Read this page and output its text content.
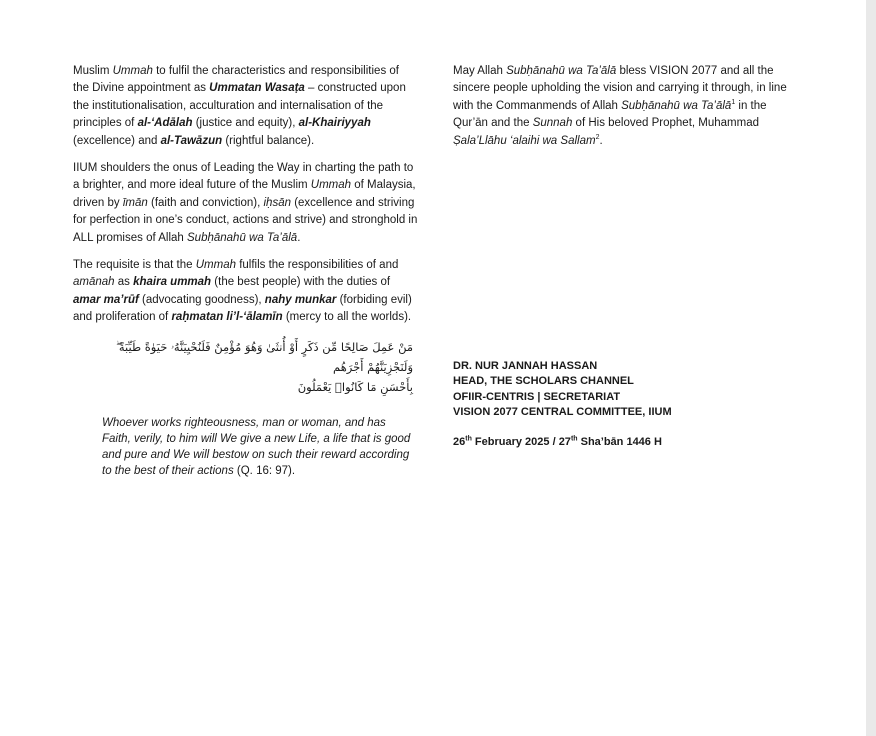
Muslim Ummah to fulfil the characteristics and responsibilities of the Divine appointment as Ummatan Wasaṭa – constructed upon the institutionalisation, acculturation and internalisation of the principles of al-‘Adālah (justice and equity), al-Khairiyyah (excellence) and al-Tawāzun (rightful balance).

IIUM shoulders the onus of Leading the Way in charting the path to a brighter, and more ideal future of the Muslim Ummah of Malaysia, driven by īmān (faith and conviction), iḥsān (excellence and striving for perfection in one’s conduct, actions and strive) and stronghold in ALL promises of Allah Subḥānahū wa Ta’ālā.

The requisite is that the Ummah fulfils the responsibilities of and amānah as khaira ummah (the best people) with the duties of amar ma’rūf (advocating goodness), nahy munkar (forbiding evil) and proliferation of raḥmatan li’l-‘ālamīn (mercy to all the worlds).

مَنْ عَمِلَ صَالِحًا مِّن ذَكَرٍ أَوْ أُنثَىٰ وَهُوَ مُؤْمِنٌ فَلَنُحْيِيَنَّهُۥ حَيَوٰةً طَيِّبَةً ۖ وَلَنَجْزِيَنَّهُمْ أَجْرَهُم
بِأَحْسَنِ مَا كَانُوا۟ يَعْمَلُونَ
Whoever works righteousness, man or woman, and has Faith, verily, to him will We give a new Life, a life that is good and pure and We will bestow on such their reward according to the best of their actions (Q. 16: 97).

May Allah Subḥānahū wa Ta’ālā bless VISION 2077 and all the sincere people upholding the vision and carrying it through, in line with the Commanmends of Allah Subḥānahū wa Ta’ālā$^1$ in the Qur’ān and the Sunnah of His beloved Prophet, Muhammad Ṣala’Llāhu ‘alaihi wa Sallam$^2$.

DR. NUR JANNAH HASSAN
HEAD, THE SCHOLARS CHANNEL
OFIIR-CENTRIS | SECRETARIAT
VISION 2077 CENTRAL COMMITTEE, IIUM
26th February 2025 / 27th Sha’bān 1446 H
